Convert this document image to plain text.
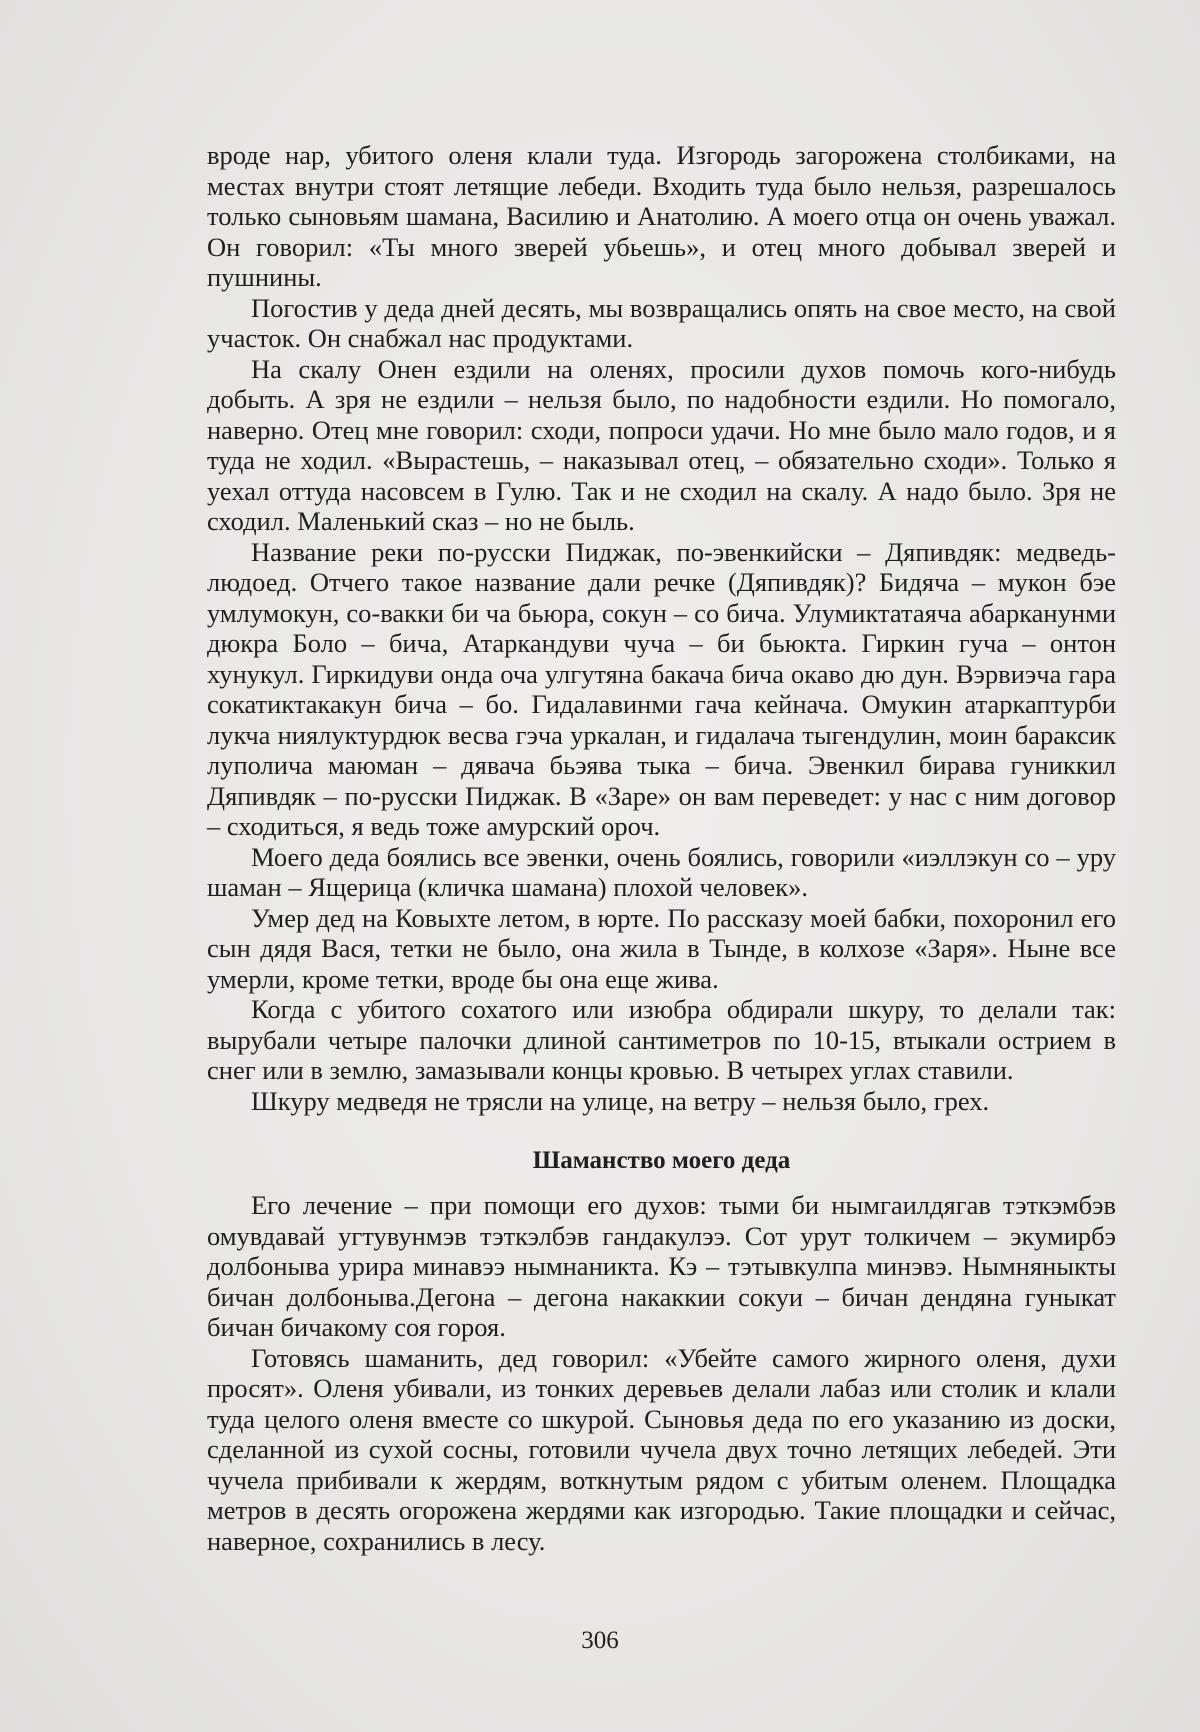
вроде нар, убитого оленя клали туда. Изгородь загорожена столбиками, на местах внутри стоят летящие лебеди. Входить туда было нельзя, разрешалось только сыновьям шамана, Василию и Анатолию. А моего отца он очень уважал. Он говорил: «Ты много зверей убьешь», и отец много добывал зверей и пушнины.

Погостив у деда дней десять, мы возвращались опять на свое место, на свой участок. Он снабжал нас продуктами.

На скалу Онен ездили на оленях, просили духов помочь кого-нибудь добыть. А зря не ездили – нельзя было, по надобности ездили. Но помогало, наверно. Отец мне говорил: сходи, попроси удачи. Но мне было мало годов, и я туда не ходил. «Вырастешь, – наказывал отец, – обязательно сходи». Только я уехал оттуда насовсем в Гулю. Так и не сходил на скалу. А надо было. Зря не сходил. Маленький сказ – но не быль.

Название реки по-русски Пиджак, по-эвенкийски – Дяпивдяк: медведь-людоед. Отчего такое название дали речке (Дяпивдяк)? Бидяча – мукон бэе умлумокун, со-вакки би ча бьюра, сокун – со бича. Улумиктатаяча абарканунми дюкра Боло – бича, Атаркандуви чуча – би бьюкта. Гиркин гуча – онтон хунукул. Гиркидуви онда оча улгутяна бакача бича окаво дю дун. Вэрвиэча гара сокатиктакакун бича – бо. Гидалавинми гача кейнача. Омукин атаркаптурби лукча ниялуктурдюк весва гэча уркалан, и гидалача тыгендулин, моин бараксик луполича маюман – дявача бьэява тыка – бича. Эвенкил бирава гуниккил Дяпивдяк – по-русски Пиджак. В «Заре» он вам переведет: у нас с ним договор – сходиться, я ведь тоже амурский ороч.

Моего деда боялись все эвенки, очень боялись, говорили «иэллэкун со – уру шаман – Ящерица (кличка шамана) плохой человек».

Умер дед на Ковыхте летом, в юрте. По рассказу моей бабки, похоронил его сын дядя Вася, тетки не было, она жила в Тынде, в колхозе «Заря». Ныне все умерли, кроме тетки, вроде бы она еще жива.

Когда с убитого сохатого или изюбра обдирали шкуру, то делали так: вырубали четыре палочки длиной сантиметров по 10-15, втыкали острием в снег или в землю, замазывали концы кровью. В четырех углах ставили.

Шкуру медведя не трясли на улице, на ветру – нельзя было, грех.

Шаманство моего деда

Его лечение – при помощи его духов: тыми би нымгаилдягав тэткэмбэв омувдавай угтувунмэв тэткэлбэв гандакулээ. Сот урут толкичем – экумирбэ долбонывa урира минавээ нымнаникта. Кэ – тэтывкулпа минэвэ. Нымняныкты бичан долбонывa.Дегона – дегона накаккии сокуи – бичан дендяна гуныкат бичан бичакому соя гороя.

Готовясь шаманить, дед говорил: «Убейте самого жирного оленя, духи просят». Оленя убивали, из тонких деревьев делали лабаз или столик и клали туда целого оленя вместе со шкурой. Сыновья деда по его указанию из доски, сделанной из сухой сосны, готовили чучела двух точно летящих лебедей. Эти чучела прибивали к жердям, воткнутым рядом с убитым оленем. Площадка метров в десять огорожена жердями как изгородью. Такие площадки и сейчас, наверное, сохранились в лесу.

306
